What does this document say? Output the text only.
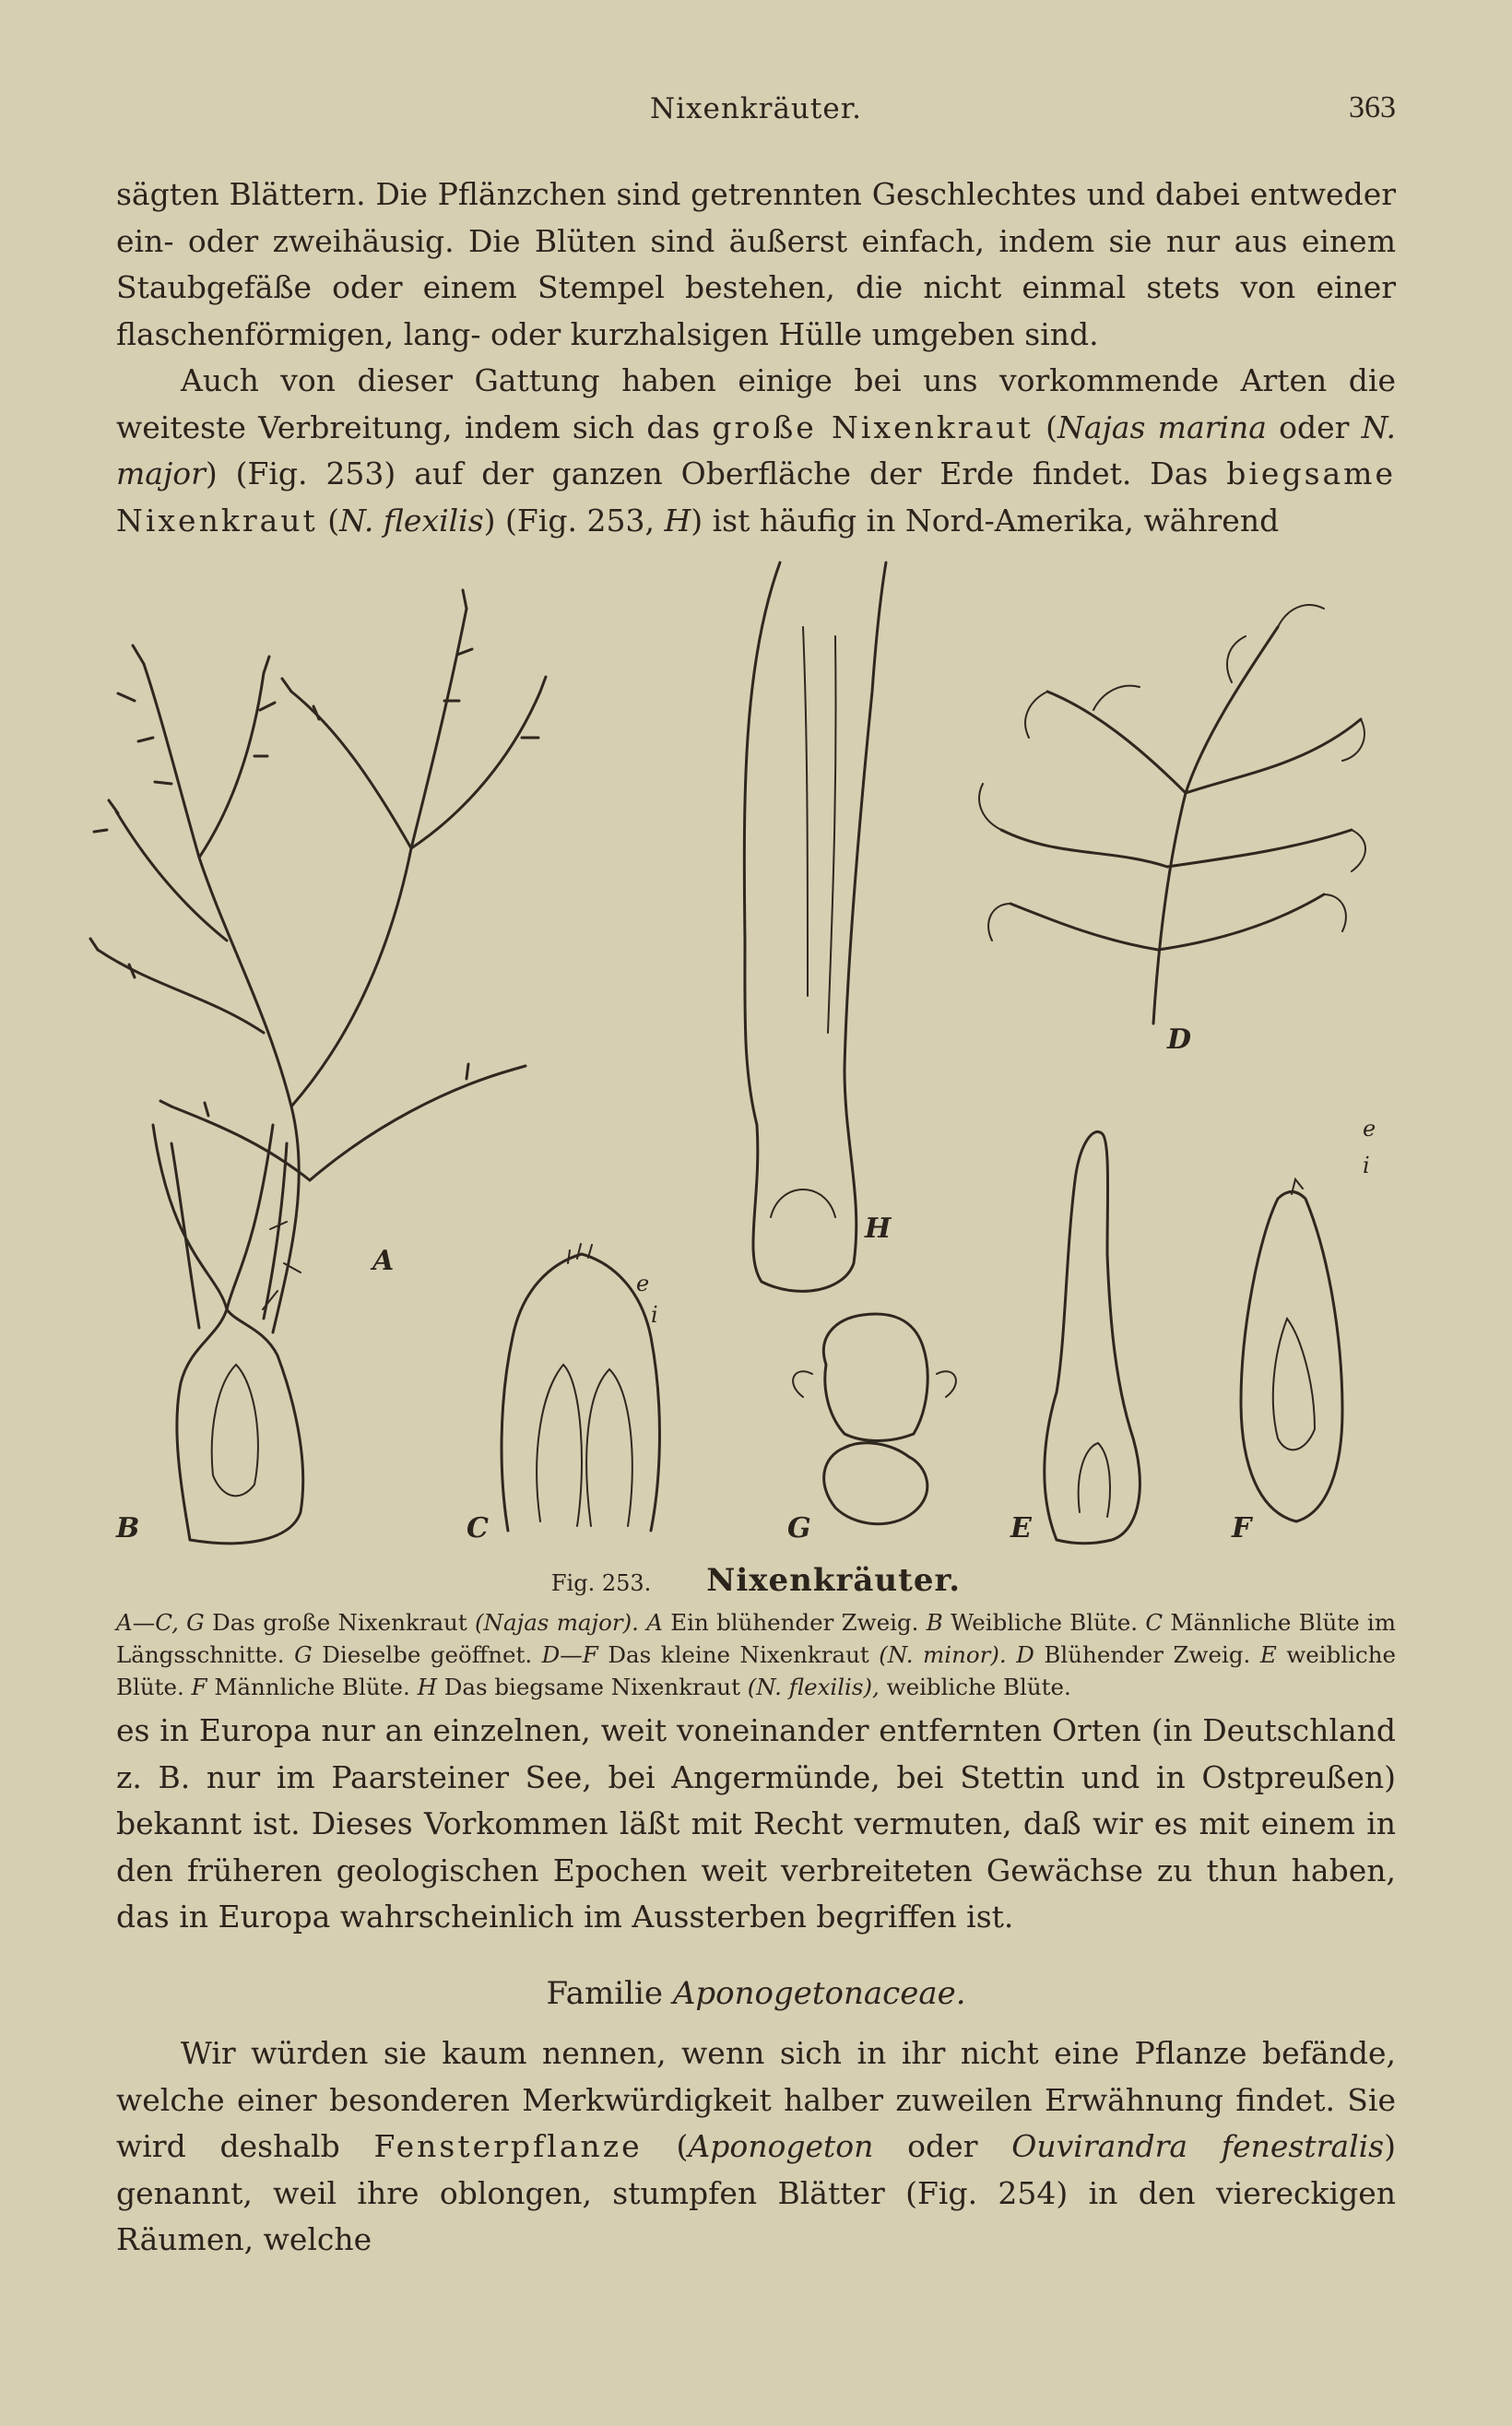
Nixenkräuter.	363

sägten Blättern. Die Pflänzchen sind getrennten Geschlechtes und dabei entweder ein- oder zweihäusig. Die Blüten sind äußerst einfach, indem sie nur aus einem Staubgefäße oder einem Stempel bestehen, die nicht einmal stets von einer flaschenförmigen, lang- oder kurzhalsigen Hülle umgeben sind.

Auch von dieser Gattung haben einige bei uns vorkommende Arten die weiteste Verbreitung, indem sich das große Nixenkraut (Najas marina oder N. major) (Fig. 253) auf der ganzen Oberfläche der Erde findet. Das biegsame Nixenkraut (N. flexilis) (Fig. 253, H) ist häufig in Nord-Amerika, während

A
H
D
B	C	G	E	F
e
i
e
i
Fig. 253. Nixenkräuter.

A—C, G Das große Nixenkraut (Najas major). A Ein blühender Zweig. B Weibliche Blüte. C Männliche Blüte im Längsschnitte. G Dieselbe geöffnet. D—F Das kleine Nixenkraut (N. minor). D Blühender Zweig. E weibliche Blüte. F Männliche Blüte. H Das biegsame Nixenkraut (N. flexilis), weibliche Blüte.

es in Europa nur an einzelnen, weit voneinander entfernten Orten (in Deutschland z. B. nur im Paarsteiner See, bei Angermünde, bei Stettin und in Ostpreußen) bekannt ist. Dieses Vorkommen läßt mit Recht vermuten, daß wir es mit einem in den früheren geologischen Epochen weit verbreiteten Gewächse zu thun haben, das in Europa wahrscheinlich im Aussterben begriffen ist.

Familie Aponogetonaceae.

Wir würden sie kaum nennen, wenn sich in ihr nicht eine Pflanze befände, welche einer besonderen Merkwürdigkeit halber zuweilen Erwähnung findet. Sie wird deshalb Fensterpflanze (Aponogeton oder Ouvirandra fenestralis) genannt, weil ihre oblongen, stumpfen Blätter (Fig. 254) in den viereckigen Räumen, welche
